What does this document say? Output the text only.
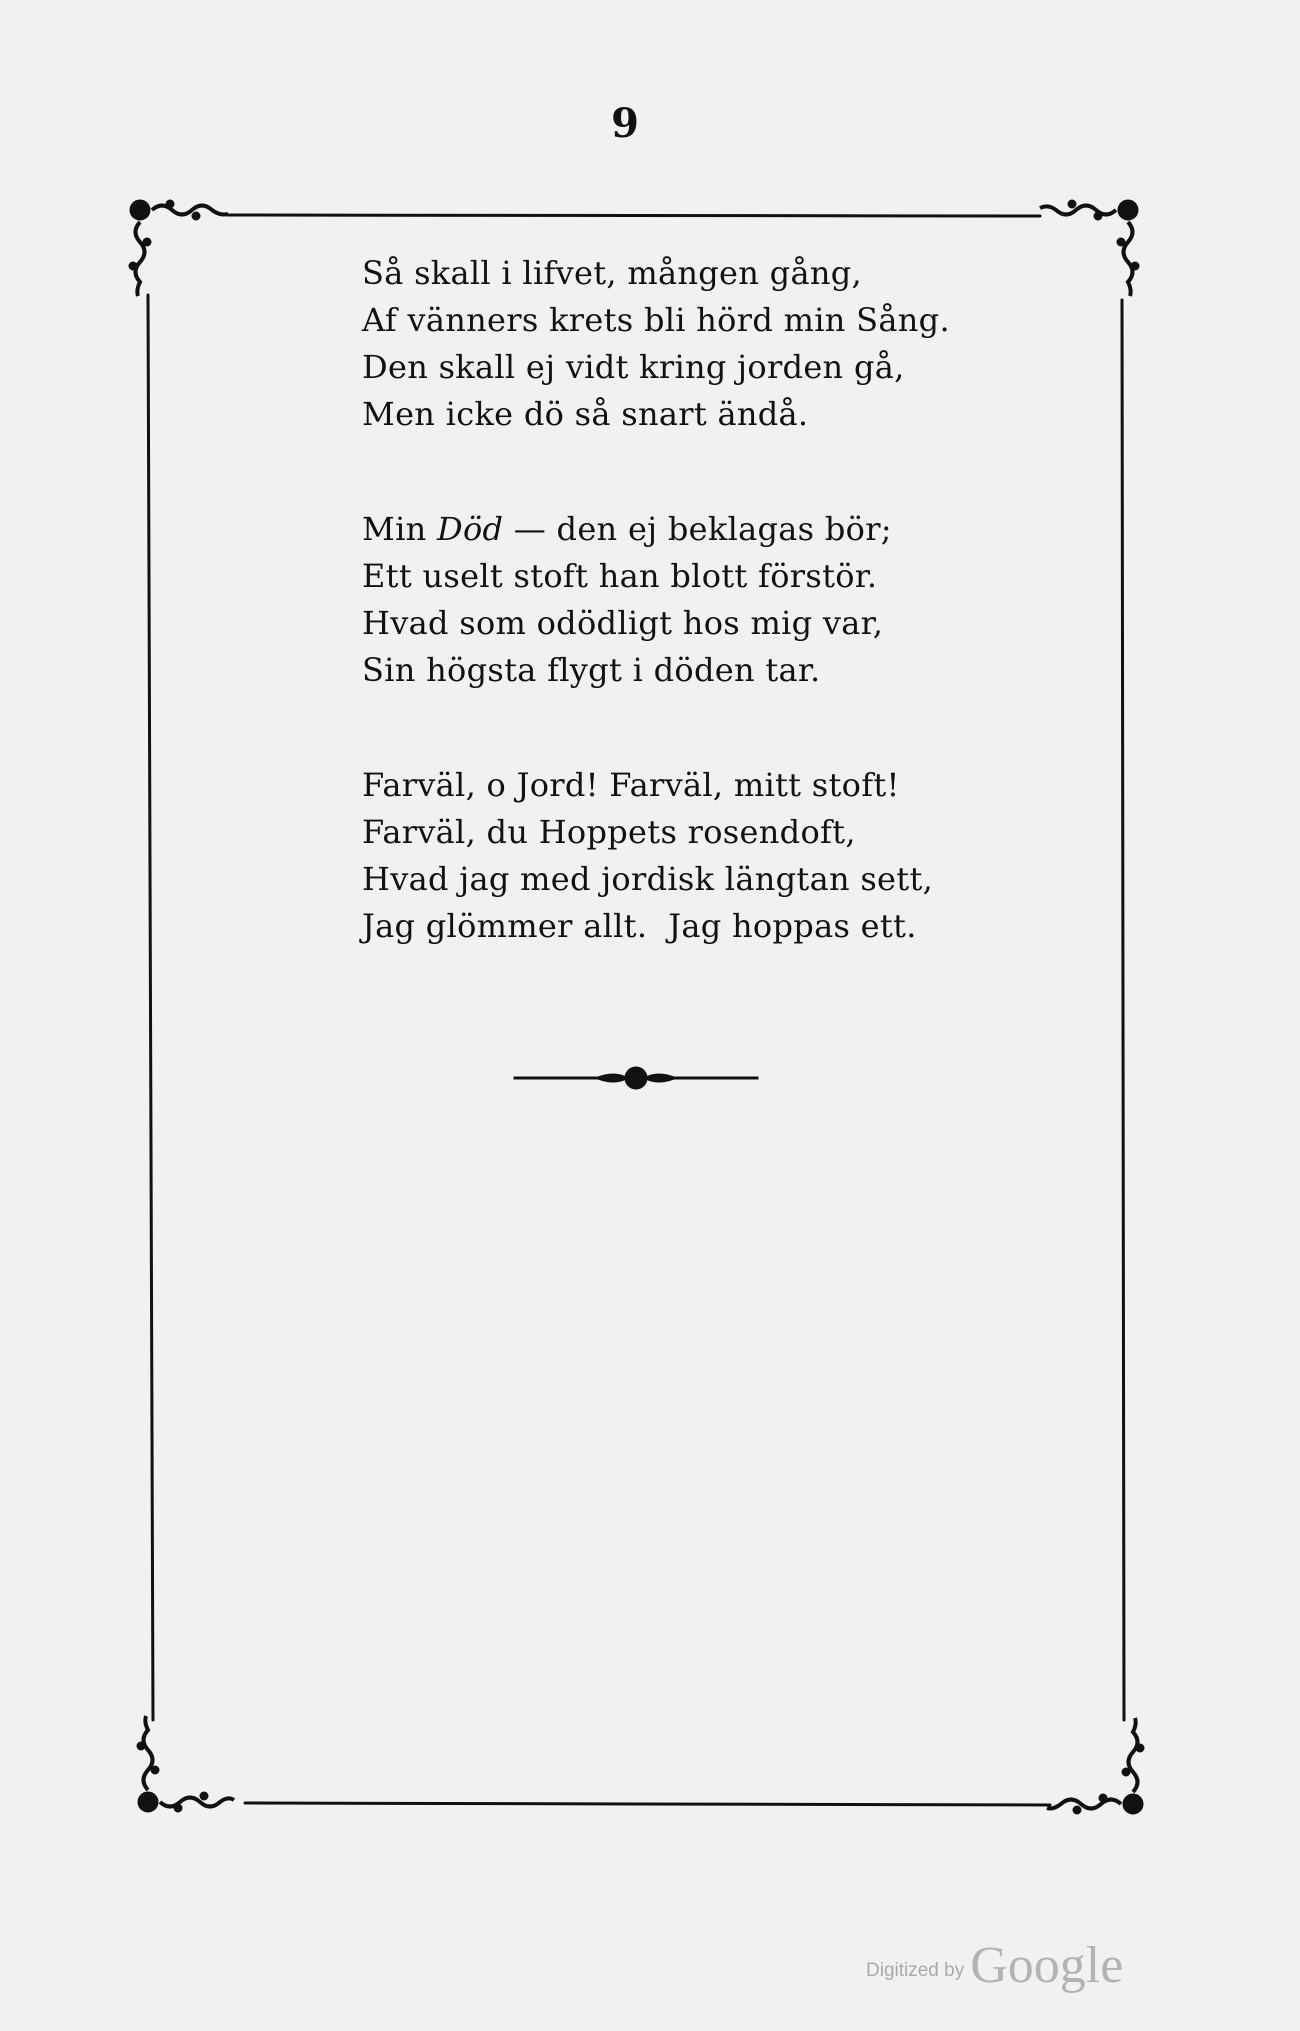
9
Så skall i lifvet, mången gång,
Af vänners krets bli hörd min Sång.
Den skall ej vidt kring jorden gå,
Men icke dö så snart ändå.
Min Död — den ej beklagas bör;
Ett uselt stoft han blott förstör.
Hvad som odödligt hos mig var,
Sin högsta flygt i döden tar.
Farväl, o Jord! Farväl, mitt stoft!
Farväl, du Hoppets rosendoft,
Hvad jag med jordisk längtan sett,
Jag glömmer allt.  Jag hoppas ett.
Digitized by Google
